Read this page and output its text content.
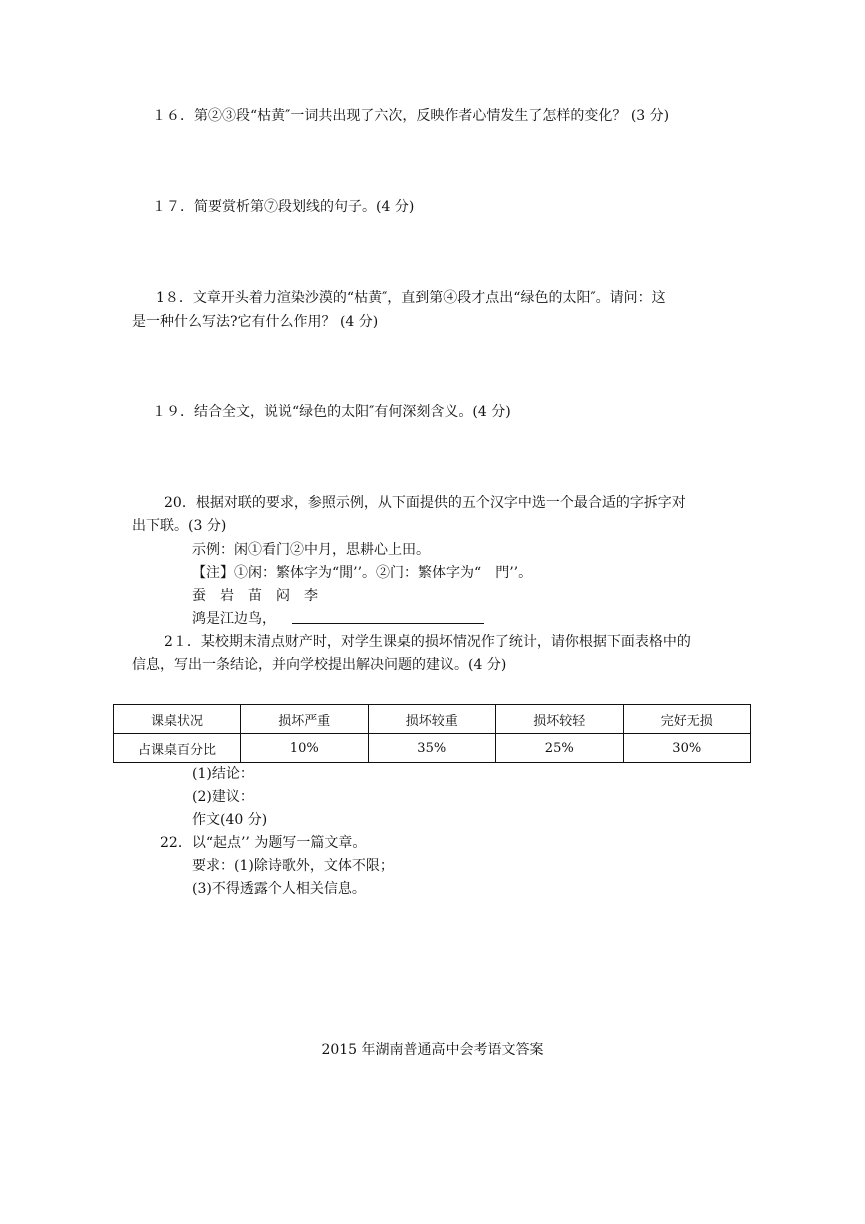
１６．第②③段“枯黄″一词共出现了六次，反映作者心情发生了怎样的变化？ (3 分)
１７．简要赏析第⑦段划线的句子。(4 分)
1８．文章开头着力渲染沙漠的“枯黄″，直到第④段才点出“绿色的太阳″。请问：这
是一种什么写法?它有什么作用？ (4 分)
１９．结合全文，说说“绿色的太阳″有何深刻含义。(4 分)
20．根据对联的要求，参照示例，从下面提供的五个汉字中选一个最合适的字拆字对
出下联。(3 分)
示例：闲①看门②中月，思耕心上田。
【注】①闲：繁体字为“閒’’。②门：繁体字为“　門’’。
蚕　岩　苗　闷　李
鸿是江边鸟，
2１．某校期末清点财产时，对学生课桌的损坏情况作了统计，请你根据下面表格中的
信息，写出一条结论，并向学校提出解决问题的建议。(4 分)
课桌状况	损坏严重	损坏较重	损坏较轻	完好无损
占课桌百分比	10%	35%	25%	30%
(1)结论：
(2)建议：
作文(40 分)
22．以“起点’’ 为题写一篇文章。
要求：(1)除诗歌外，文体不限；
(3)不得透露个人相关信息。
2015 年湖南普通高中会考语文答案
